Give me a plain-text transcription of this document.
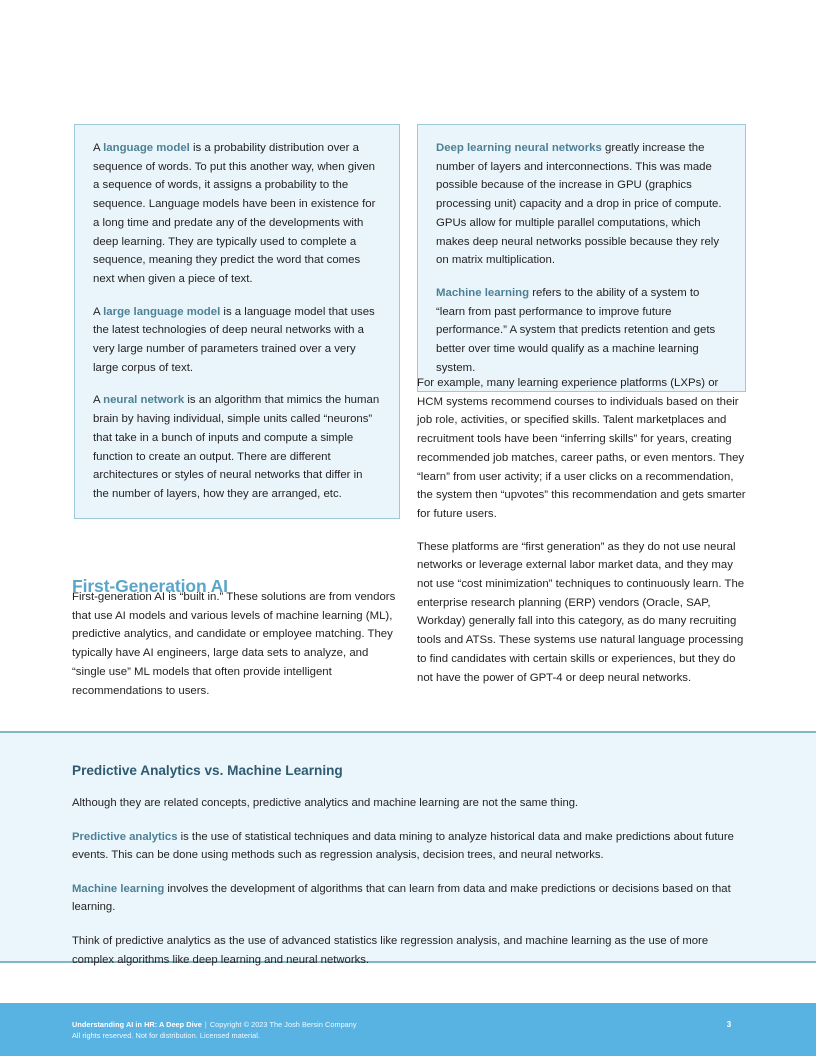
A language model is a probability distribution over a sequence of words. To put this another way, when given a sequence of words, it assigns a probability to the sequence. Language models have been in existence for a long time and predate any of the developments with deep learning. They are typically used to complete a sequence, meaning they predict the word that comes next when given a piece of text.

A large language model is a language model that uses the latest technologies of deep neural networks with a very large number of parameters trained over a very large corpus of text.

A neural network is an algorithm that mimics the human brain by having individual, simple units called “neurons” that take in a bunch of inputs and compute a simple function to create an output. There are different architectures or styles of neural networks that differ in the number of layers, how they are arranged, etc.

Deep learning neural networks greatly increase the number of layers and interconnections. This was made possible because of the increase in GPU (graphics processing unit) capacity and a drop in price of compute. GPUs allow for multiple parallel computations, which makes deep neural networks possible because they rely on matrix multiplication.

Machine learning refers to the ability of a system to “learn from past performance to improve future performance.” A system that predicts retention and gets better over time would qualify as a machine learning system.

For example, many learning experience platforms (LXPs) or HCM systems recommend courses to individuals based on their job role, activities, or specified skills. Talent marketplaces and recruitment tools have been “inferring skills” for years, creating recommended job matches, career paths, or even mentors. They “learn” from user activity; if a user clicks on a recommendation, the system then “upvotes” this recommendation and gets smarter for future users.

These platforms are “first generation” as they do not use neural networks or leverage external labor market data, and they may not use “cost minimization” techniques to continuously learn. The enterprise research planning (ERP) vendors (Oracle, SAP, Workday) generally fall into this category, as do many recruiting tools and ATSs. These systems use natural language processing to find candidates with certain skills or experiences, but they do not have the power of GPT-4 or deep neural networks.

First-Generation AI

First-generation AI is “built in.” These solutions are from vendors that use AI models and various levels of machine learning (ML), predictive analytics, and candidate or employee matching. They typically have AI engineers, large data sets to analyze, and “single use” ML models that often provide intelligent recommendations to users.

Predictive Analytics vs. Machine Learning

Although they are related concepts, predictive analytics and machine learning are not the same thing.

Predictive analytics is the use of statistical techniques and data mining to analyze historical data and make predictions about future events. This can be done using methods such as regression analysis, decision trees, and neural networks.

Machine learning involves the development of algorithms that can learn from data and make predictions or decisions based on that learning.

Think of predictive analytics as the use of advanced statistics like regression analysis, and machine learning as the use of more complex algorithms like deep learning and neural networks.

Understanding AI in HR: A Deep Dive | Copyright © 2023 The Josh Bersin Company
All rights reserved. Not for distribution. Licensed material.
3
